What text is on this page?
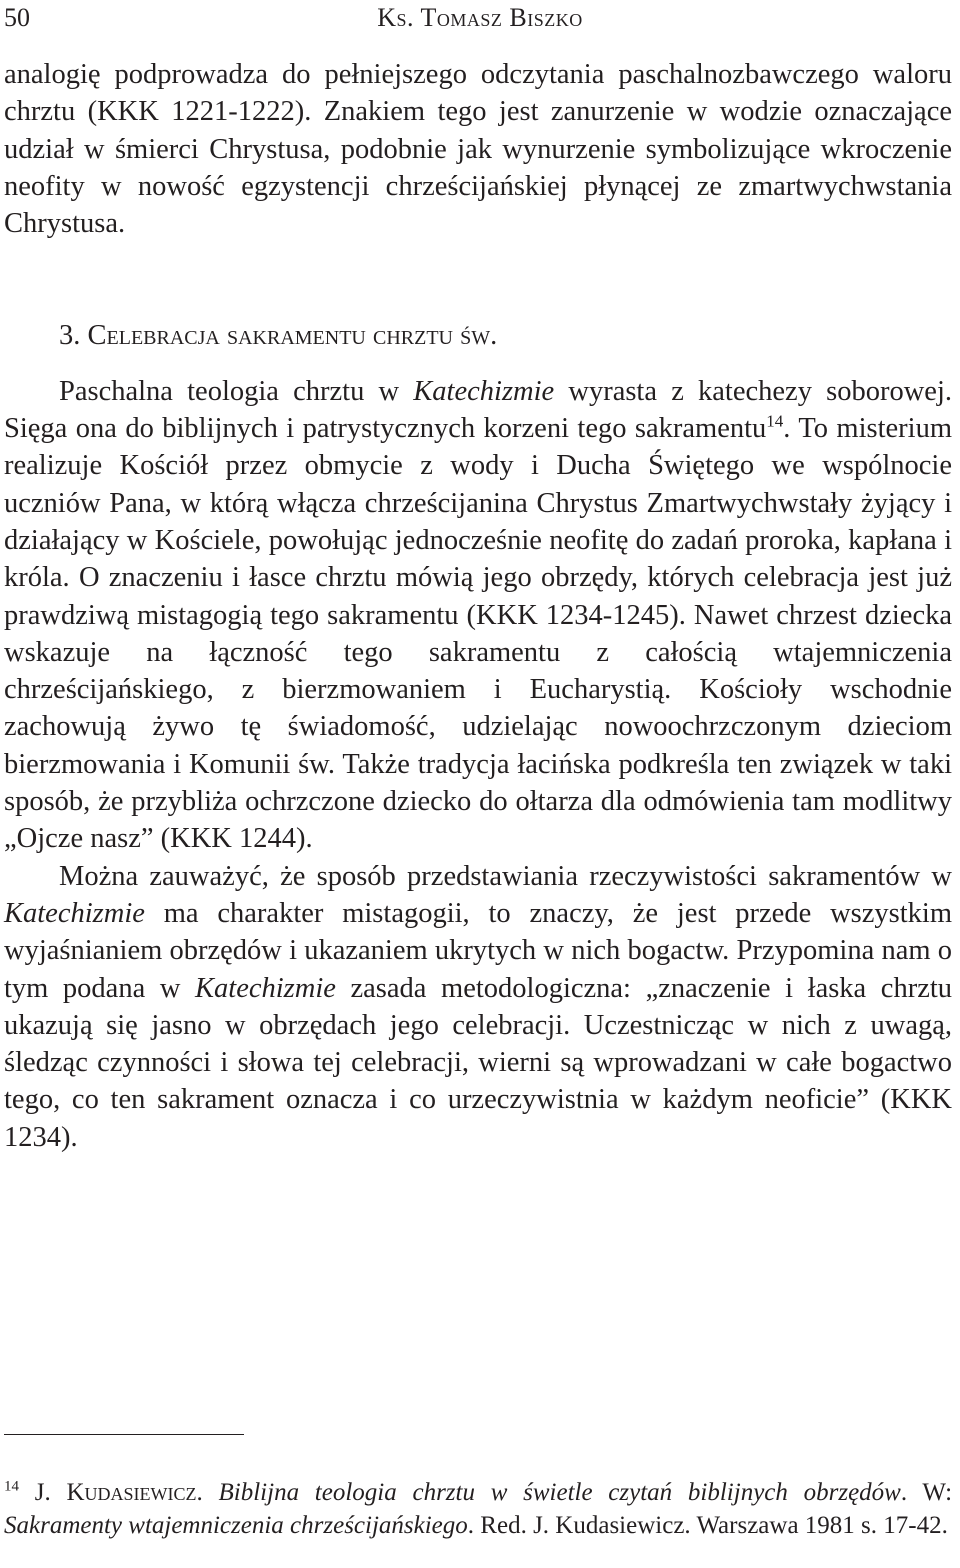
50	Ks. Tomasz Biszko

analogię podprowadza do pełniejszego odczytania paschalnozbawczego waloru chrztu (KKK 1221-1222). Znakiem tego jest zanurzenie w wodzie oznaczające udział w śmierci Chrystusa, podobnie jak wynurzenie symbolizujące wkroczenie neofity w nowość egzystencji chrześcijańskiej płynącej ze zmartwychwstania Chrystusa.

3. Celebracja sakramentu chrztu św.

Paschalna teologia chrztu w Katechizmie wyrasta z katechezy soborowej. Sięga ona do biblijnych i patrystycznych korzeni tego sakramentu$^{14}$. To misterium realizuje Kościół przez obmycie z wody i Ducha Świętego we wspólnocie uczniów Pana, w którą włącza chrześcijanina Chrystus Zmartwychwstały żyjący i działający w Kościele, powołując jednocześnie neofitę do zadań proroka, kapłana i króla. O znaczeniu i łasce chrztu mówią jego obrzędy, których celebracja jest już prawdziwą mistagogią tego sakramentu (KKK 1234-1245). Nawet chrzest dziecka wskazuje na łączność tego sakramentu z całością wtajemniczenia chrześcijańskiego, z bierzmowaniem i Eucharystią. Kościoły wschodnie zachowują żywo tę świadomość, udzielając nowoochrzczonym dzieciom bierzmowania i Komunii św. Także tradycja łacińska podkreśla ten związek w taki sposób, że przybliża ochrzczone dziecko do ołtarza dla odmówienia tam modlitwy „Ojcze nasz” (KKK 1244).

Można zauważyć, że sposób przedstawiania rzeczywistości sakramentów w Katechizmie ma charakter mistagogii, to znaczy, że jest przede wszystkim wyjaśnianiem obrzędów i ukazaniem ukrytych w nich bogactw. Przypomina nam o tym podana w Katechizmie zasada metodologiczna: „znaczenie i łaska chrztu ukazują się jasno w obrzędach jego celebracji. Uczestnicząc w nich z uwagą, śledząc czynności i słowa tej celebracji, wierni są wprowadzani w całe bogactwo tego, co ten sakrament oznacza i co urzeczywistnia w każdym neoficie” (KKK 1234).

$^{14}$ J. Kudasiewicz. Biblijna teologia chrztu w świetle czytań biblijnych obrzędów. W: Sakramenty wtajemniczenia chrześcijańskiego. Red. J. Kudasiewicz. Warszawa 1981 s. 17-42.
